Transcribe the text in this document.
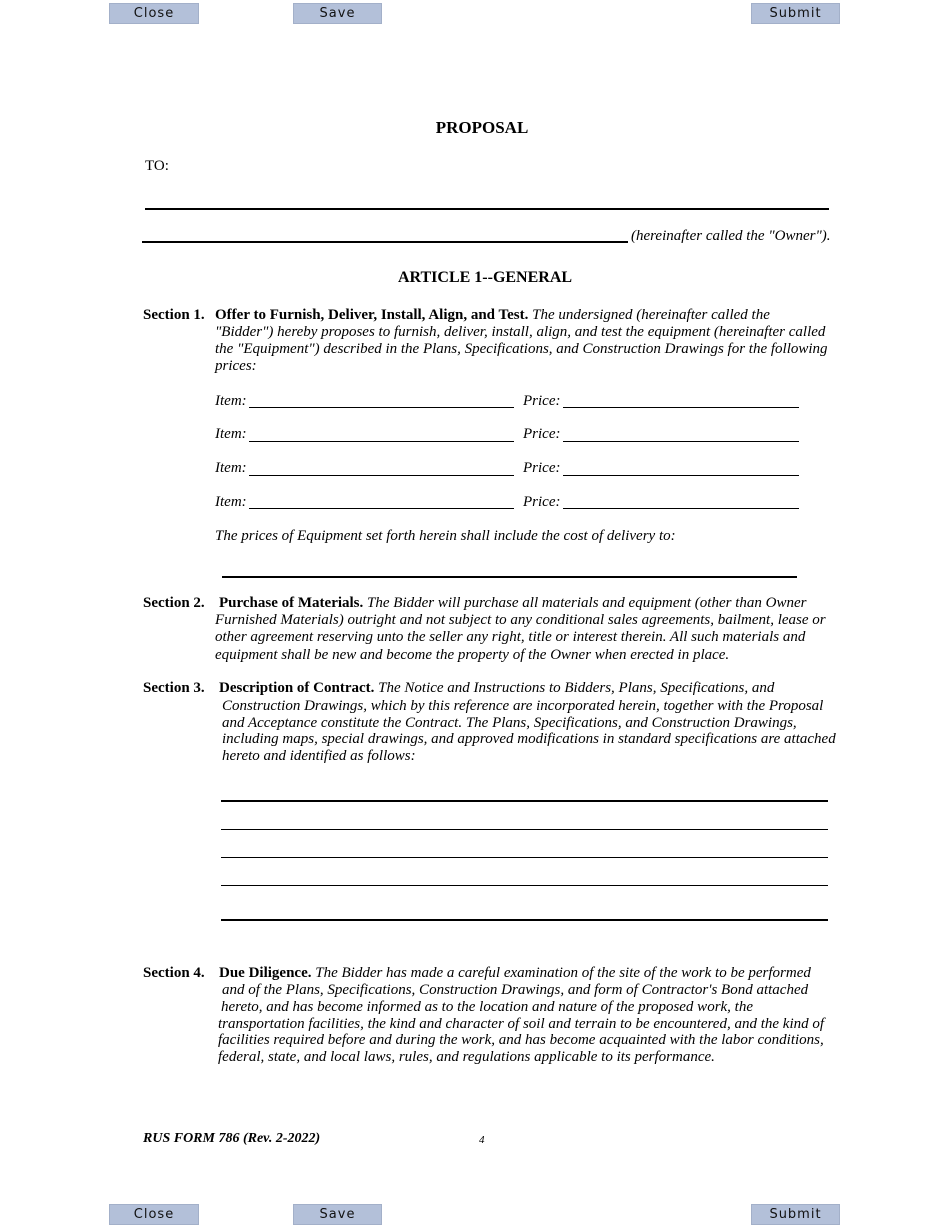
Close	Save	Submit
PROPOSAL
TO:
(hereinafter called the "Owner").
ARTICLE 1--GENERAL
Section 1. Offer to Furnish, Deliver, Install, Align, and Test. The undersigned (hereinafter called the
"Bidder") hereby proposes to furnish, deliver, install, align, and test the equipment (hereinafter called
the "Equipment") described in the Plans, Specifications, and Construction Drawings for the following
prices:
Item:	Price:
Item:	Price:
Item:	Price:
Item:	Price:
The prices of Equipment set forth herein shall include the cost of delivery to:
Section 2. Purchase of Materials. The Bidder will purchase all materials and equipment (other than Owner
Furnished Materials) outright and not subject to any conditional sales agreements, bailment, lease or
other agreement reserving unto the seller any right, title or interest therein. All such materials and
equipment shall be new and become the property of the Owner when erected in place.
Section 3. Description of Contract. The Notice and Instructions to Bidders, Plans, Specifications, and
Construction Drawings, which by this reference are incorporated herein, together with the Proposal
and Acceptance constitute the Contract. The Plans, Specifications, and Construction Drawings,
including maps, special drawings, and approved modifications in standard specifications are attached
hereto and identified as follows:
Section 4. Due Diligence. The Bidder has made a careful examination of the site of the work to be performed
and of the Plans, Specifications, Construction Drawings, and form of Contractor's Bond attached
hereto, and has become informed as to the location and nature of the proposed work, the
transportation facilities, the kind and character of soil and terrain to be encountered, and the kind of
facilities required before and during the work, and has become acquainted with the labor conditions,
federal, state, and local laws, rules, and regulations applicable to its performance.
RUS FORM 786 (Rev. 2-2022)	4
Close	Save	Submit
